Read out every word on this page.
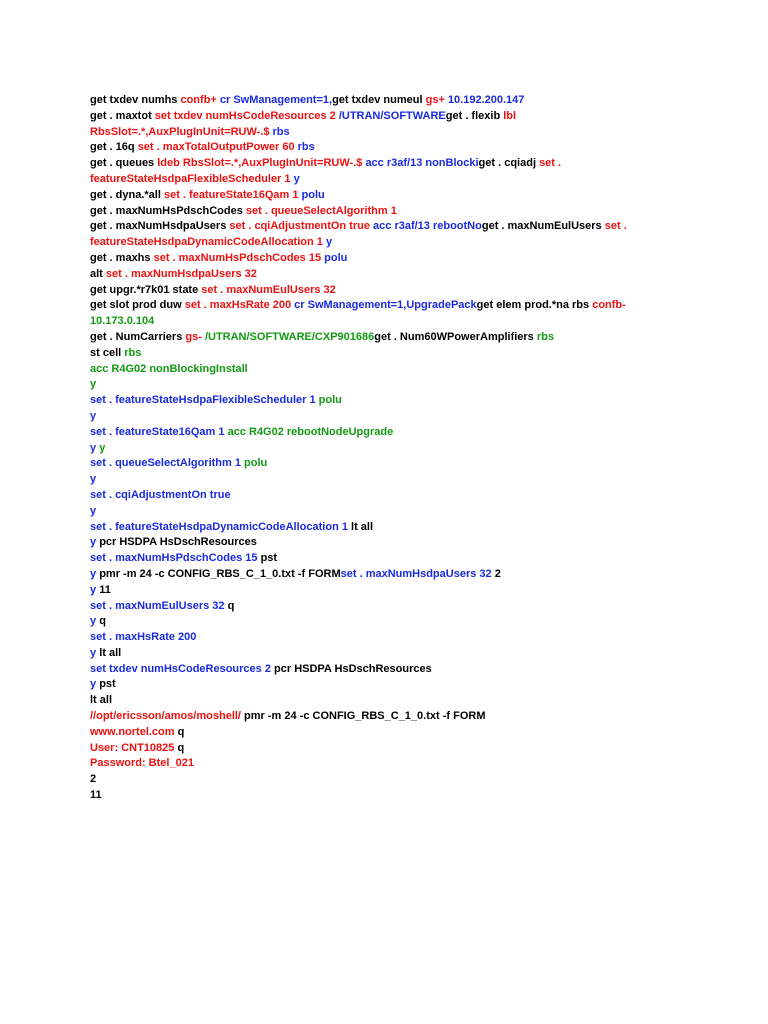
get txdev numhs confb+ cr SwManagement=1,get txdev numeul gs+ 10.192.200.147
get . maxtot set txdev numHsCodeResources 2 /UTRAN/SOFTWAREget . flexib lbl
RbsSlot=.*,AuxPlugInUnit=RUW-.$ rbs
get . 16q set . maxTotalOutputPower 60 rbs
get . queues ldeb RbsSlot=.*,AuxPlugInUnit=RUW-.$ acc r3af/13 nonBlockiget . cqiadj set .
featureStateHsdpaFlexibleScheduler 1 y
get . dyna.*all set . featureState16Qam 1 polu
get . maxNumHsPdschCodes set . queueSelectAlgorithm 1
get . maxNumHsdpaUsers set . cqiAdjustmentOn true acc r3af/13 rebootNoget . maxNumEulUsers set .
featureStateHsdpaDynamicCodeAllocation 1 y
get . maxhs set . maxNumHsPdschCodes 15 polu
alt set . maxNumHsdpaUsers 32
get upgr.*r7k01 state set . maxNumEulUsers 32
get slot prod duw set . maxHsRate 200 cr SwManagement=1,UpgradePackget elem prod.*na rbs confb-
10.173.0.104
get . NumCarriers gs- /UTRAN/SOFTWARE/CXP901686get . Num60WPowerAmplifiers rbs
st cell rbs
acc R4G02 nonBlockingInstall
y
set . featureStateHsdpaFlexibleScheduler 1 polu
y
set . featureState16Qam 1 acc R4G02 rebootNodeUpgrade
y y
set . queueSelectAlgorithm 1 polu
y
set . cqiAdjustmentOn true
y
set . featureStateHsdpaDynamicCodeAllocation 1 lt all
y pcr HSDPA HsDschResources
set . maxNumHsPdschCodes 15 pst
y pmr -m 24 -c CONFIG_RBS_C_1_0.txt -f FORMset . maxNumHsdpaUsers 32 2
y 11
set . maxNumEulUsers 32 q
y q
set . maxHsRate 200
y lt all
set txdev numHsCodeResources 2 pcr HSDPA HsDschResources
y pst
lt all
//opt/ericsson/amos/moshell/ pmr -m 24 -c CONFIG_RBS_C_1_0.txt -f FORM
www.nortel.com q
User: CNT10825 q
Password: Btel_021
2
11
